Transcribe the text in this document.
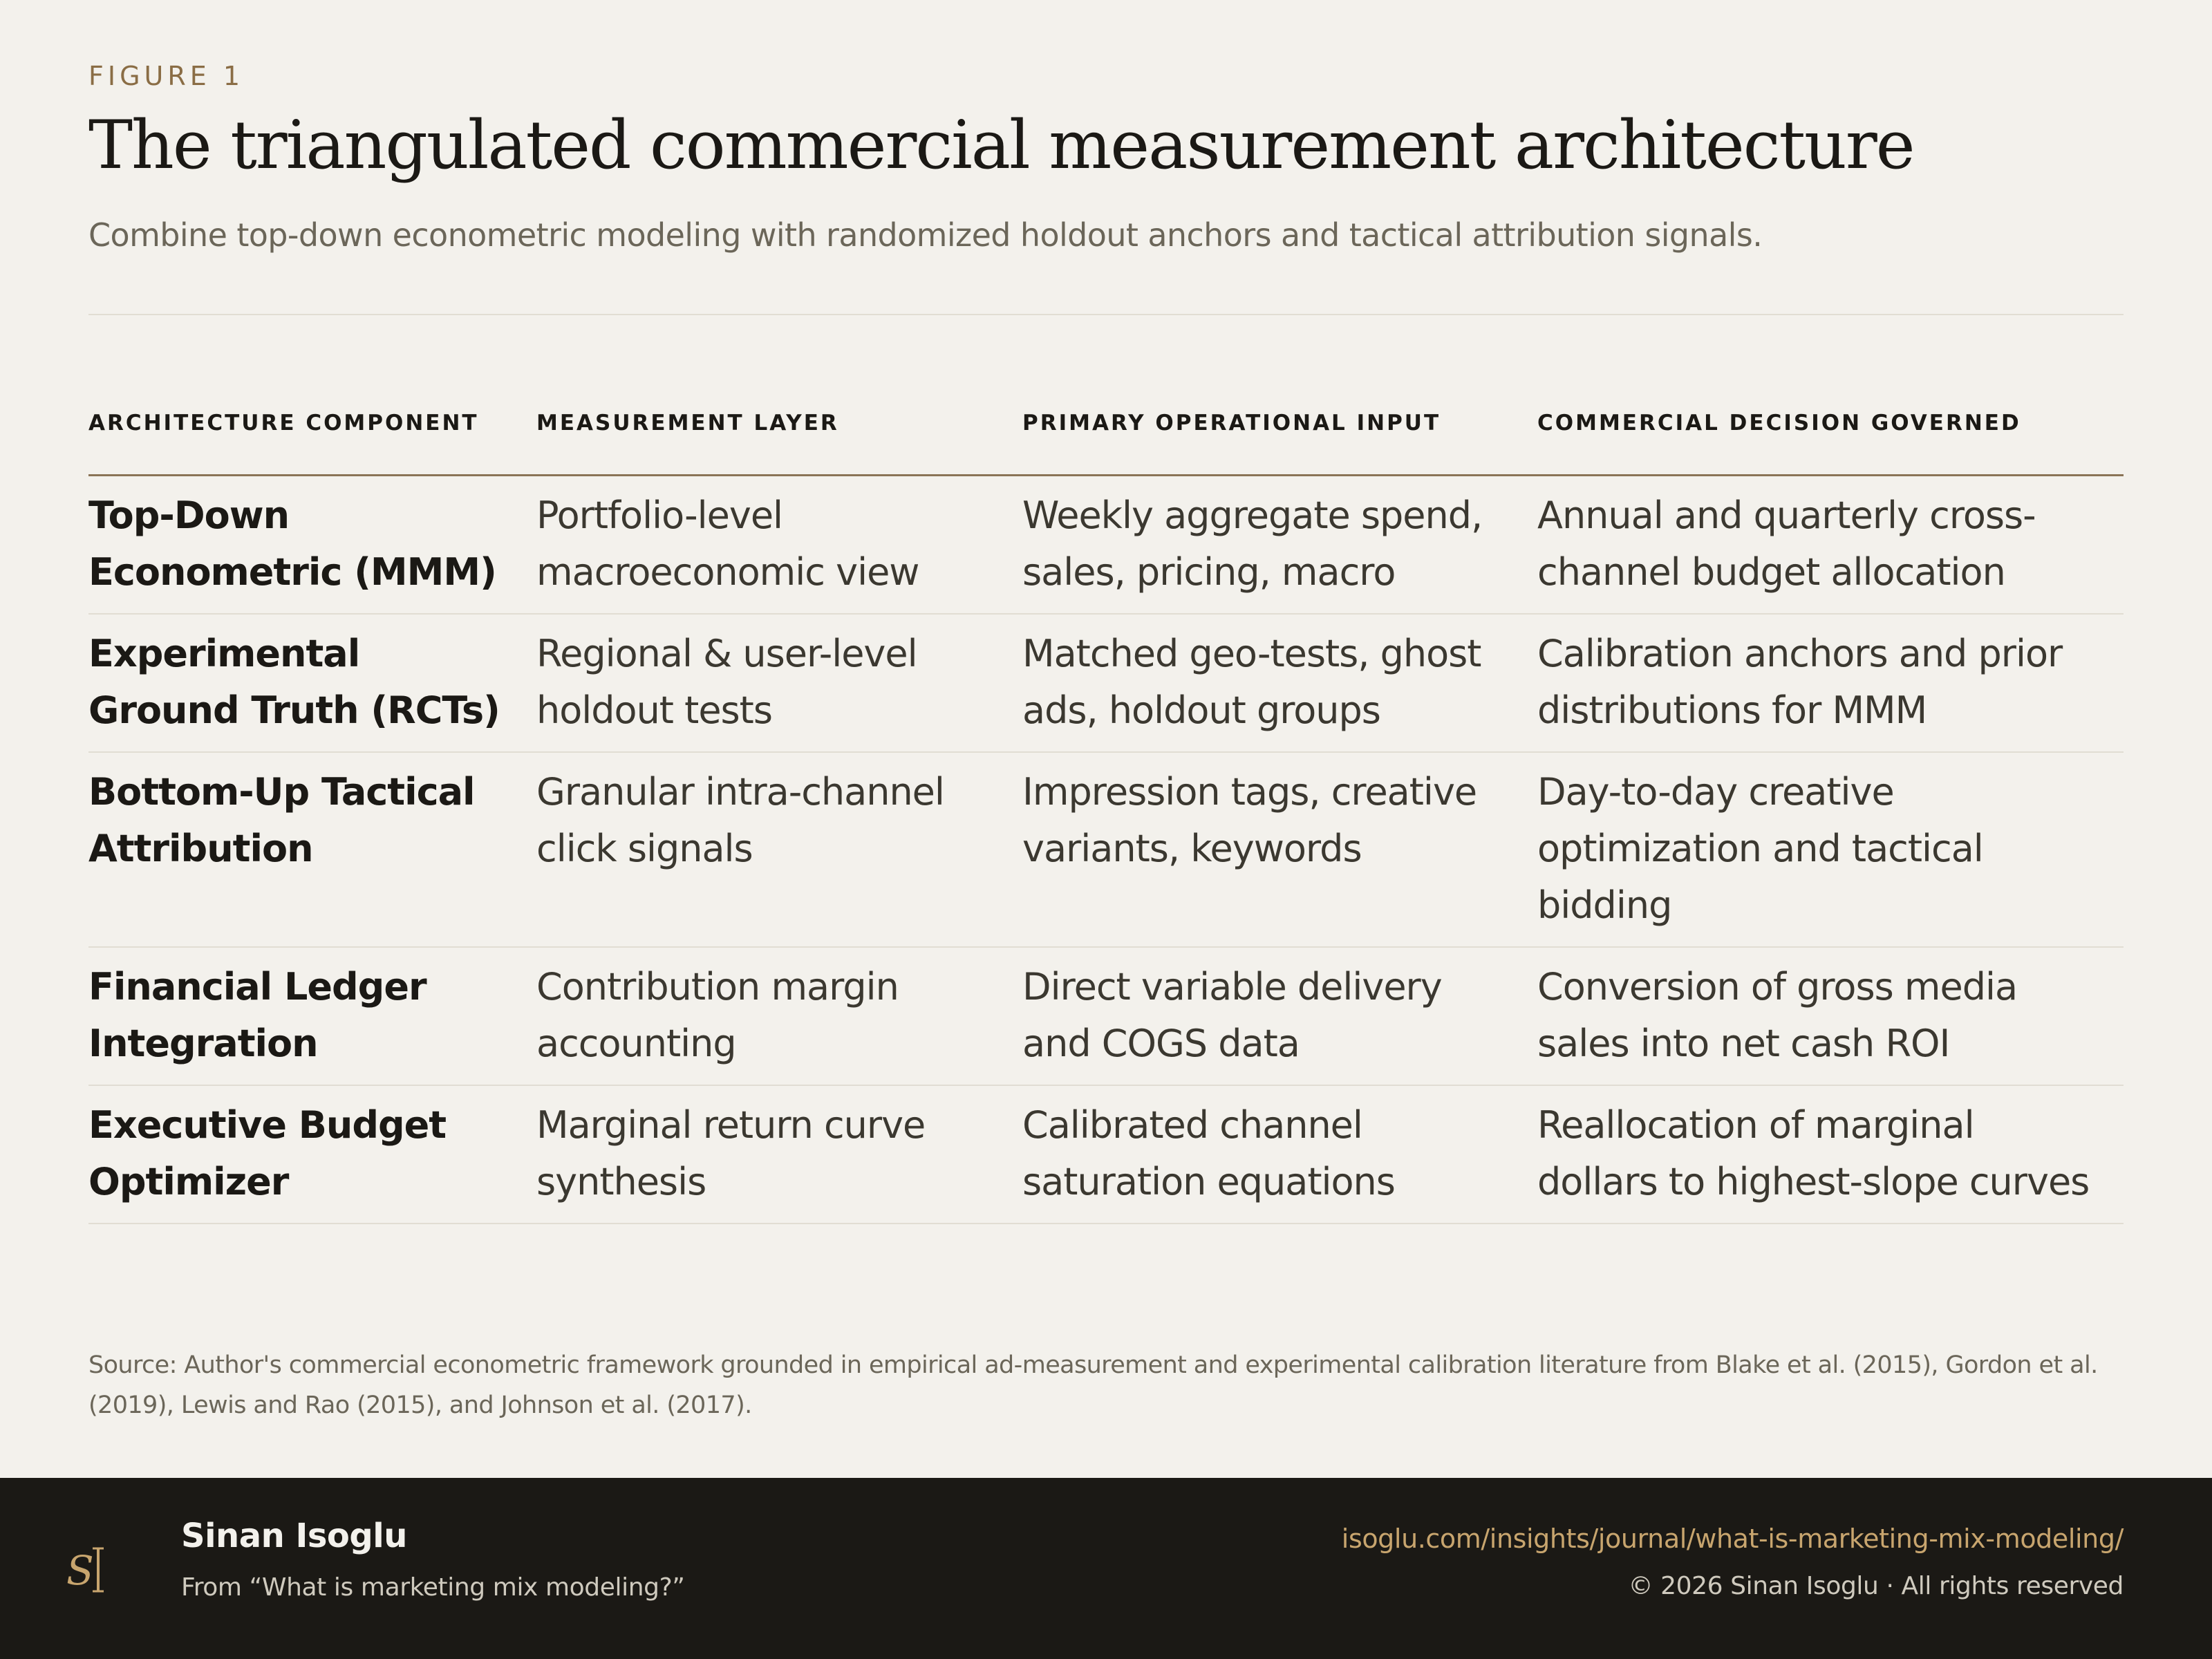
FIGURE 1
The triangulated commercial measurement architecture
Combine top-down econometric modeling with randomized holdout anchors and tactical attribution signals.
ARCHITECTURE COMPONENT	MEASUREMENT LAYER	PRIMARY OPERATIONAL INPUT	COMMERCIAL DECISION GOVERNED
Top-Down Econometric (MMM)	Portfolio-level macroeconomic view	Weekly aggregate spend, sales, pricing, macro	Annual and quarterly cross-channel budget allocation
Experimental Ground Truth (RCTs)	Regional & user-level holdout tests	Matched geo-tests, ghost ads, holdout groups	Calibration anchors and prior distributions for MMM
Bottom-Up Tactical Attribution	Granular intra-channel click signals	Impression tags, creative variants, keywords	Day-to-day creative optimization and tactical bidding
Financial Ledger Integration	Contribution margin accounting	Direct variable delivery and COGS data	Conversion of gross media sales into net cash ROI
Executive Budget Optimizer	Marginal return curve synthesis	Calibrated channel saturation equations	Reallocation of marginal dollars to highest-slope curves
Source: Author's commercial econometric framework grounded in empirical ad-measurement and experimental calibration literature from Blake et al. (2015), Gordon et al. (2019), Lewis and Rao (2015), and Johnson et al. (2017).
S
Sinan Isoglu
From “What is marketing mix modeling?”
isoglu.com/insights/journal/what-is-marketing-mix-modeling/
© 2026 Sinan Isoglu · All rights reserved
